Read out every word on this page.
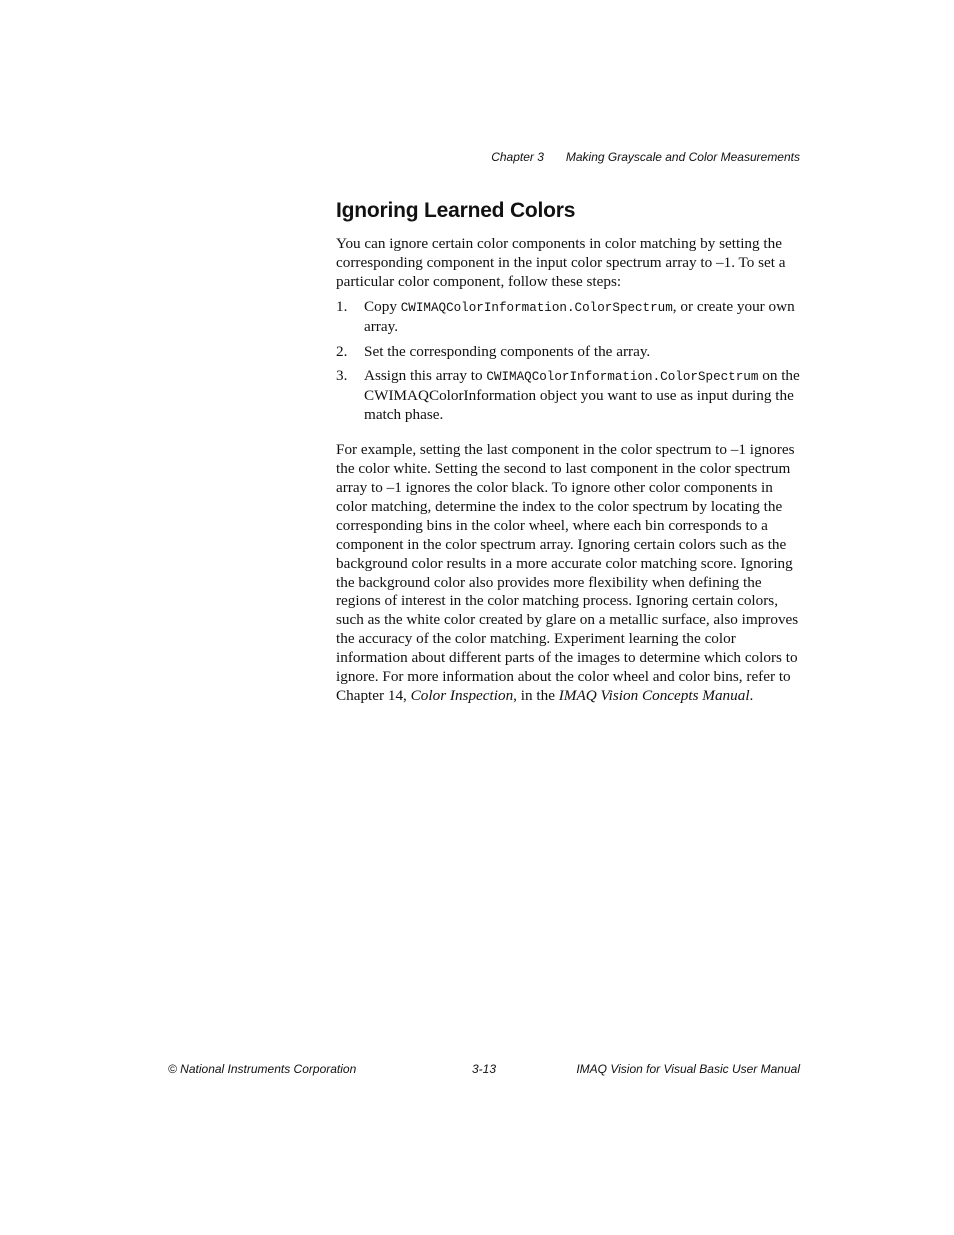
Chapter 3 Making Grayscale and Color Measurements
Ignoring Learned Colors

You can ignore certain color components in color matching by setting the corresponding component in the input color spectrum array to –1. To set a particular color component, follow these steps:

1. Copy CWIMAQColorInformation.ColorSpectrum, or create your own array.
2. Set the corresponding components of the array.
3. Assign this array to CWIMAQColorInformation.ColorSpectrum on the CWIMAQColorInformation object you want to use as input during the match phase.

For example, setting the last component in the color spectrum to –1 ignores the color white. Setting the second to last component in the color spectrum array to –1 ignores the color black. To ignore other color components in color matching, determine the index to the color spectrum by locating the corresponding bins in the color wheel, where each bin corresponds to a component in the color spectrum array. Ignoring certain colors such as the background color results in a more accurate color matching score. Ignoring the background color also provides more flexibility when defining the regions of interest in the color matching process. Ignoring certain colors, such as the white color created by glare on a metallic surface, also improves the accuracy of the color matching. Experiment learning the color information about different parts of the images to determine which colors to ignore. For more information about the color wheel and color bins, refer to Chapter 14, Color Inspection, in the IMAQ Vision Concepts Manual.

© National Instruments Corporation	3-13	IMAQ Vision for Visual Basic User Manual
